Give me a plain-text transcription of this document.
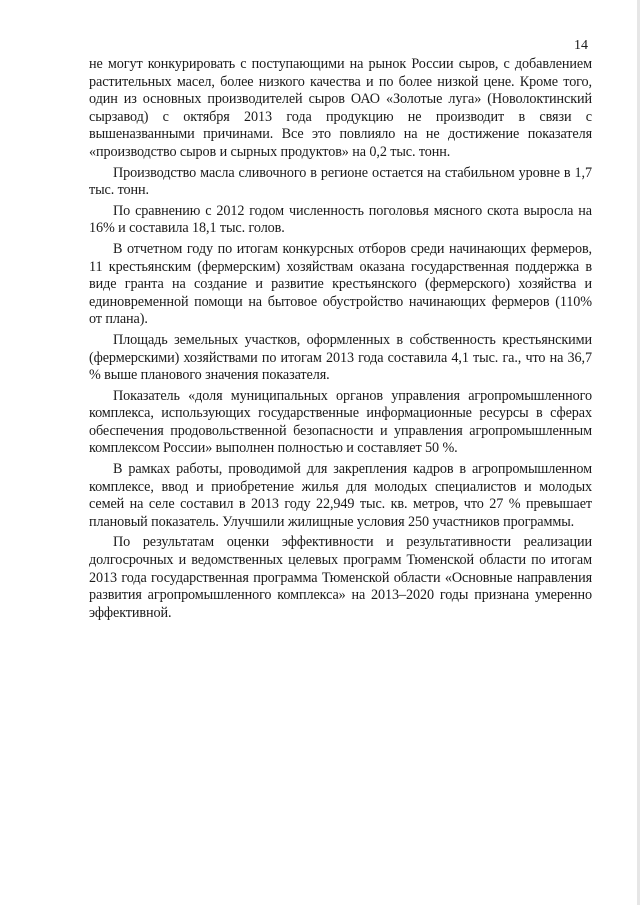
14

не могут конкурировать с поступающими на рынок России сыров, с добавлением растительных масел, более низкого качества и по более низкой цене. Кроме того, один из основных производителей сыров ОАО «Золотые луга» (Новолоктинский сырзавод) с октября 2013 года продукцию не производит в связи с вышеназванными причинами. Все это повлияло на не достижение показателя «производство сыров и сырных продуктов» на 0,2 тыс. тонн.

Производство масла сливочного в регионе остается на стабильном уровне в 1,7 тыс. тонн.

По сравнению с 2012 годом численность поголовья мясного скота выросла на 16% и составила 18,1 тыс. голов.

В отчетном году по итогам конкурсных отборов среди начинающих фермеров, 11 крестьянским (фермерским) хозяйствам оказана государственная поддержка в виде гранта на создание и развитие крестьянского (фермерского) хозяйства и единовременной помощи на бытовое обустройство начинающих фермеров (110% от плана).

Площадь земельных участков, оформленных в собственность крестьянскими (фермерскими) хозяйствами по итогам 2013 года составила 4,1 тыс. га., что на 36,7 % выше планового значения показателя.

Показатель «доля муниципальных органов управления агропромышленного комплекса, использующих государственные информационные ресурсы в сферах обеспечения продовольственной безопасности и управления агропромышленным комплексом России» выполнен полностью и составляет 50 %.

В рамках работы, проводимой для закрепления кадров в агропромышленном комплексе, ввод и приобретение жилья для молодых специалистов и молодых семей на селе составил в 2013 году 22,949 тыс. кв. метров, что 27 % превышает плановый показатель. Улучшили жилищные условия 250 участников программы.

По результатам оценки эффективности и результативности реализации долгосрочных и ведомственных целевых программ Тюменской области по итогам 2013 года государственная программа Тюменской области «Основные направления развития агропромышленного комплекса» на 2013–2020 годы признана умеренно эффективной.
